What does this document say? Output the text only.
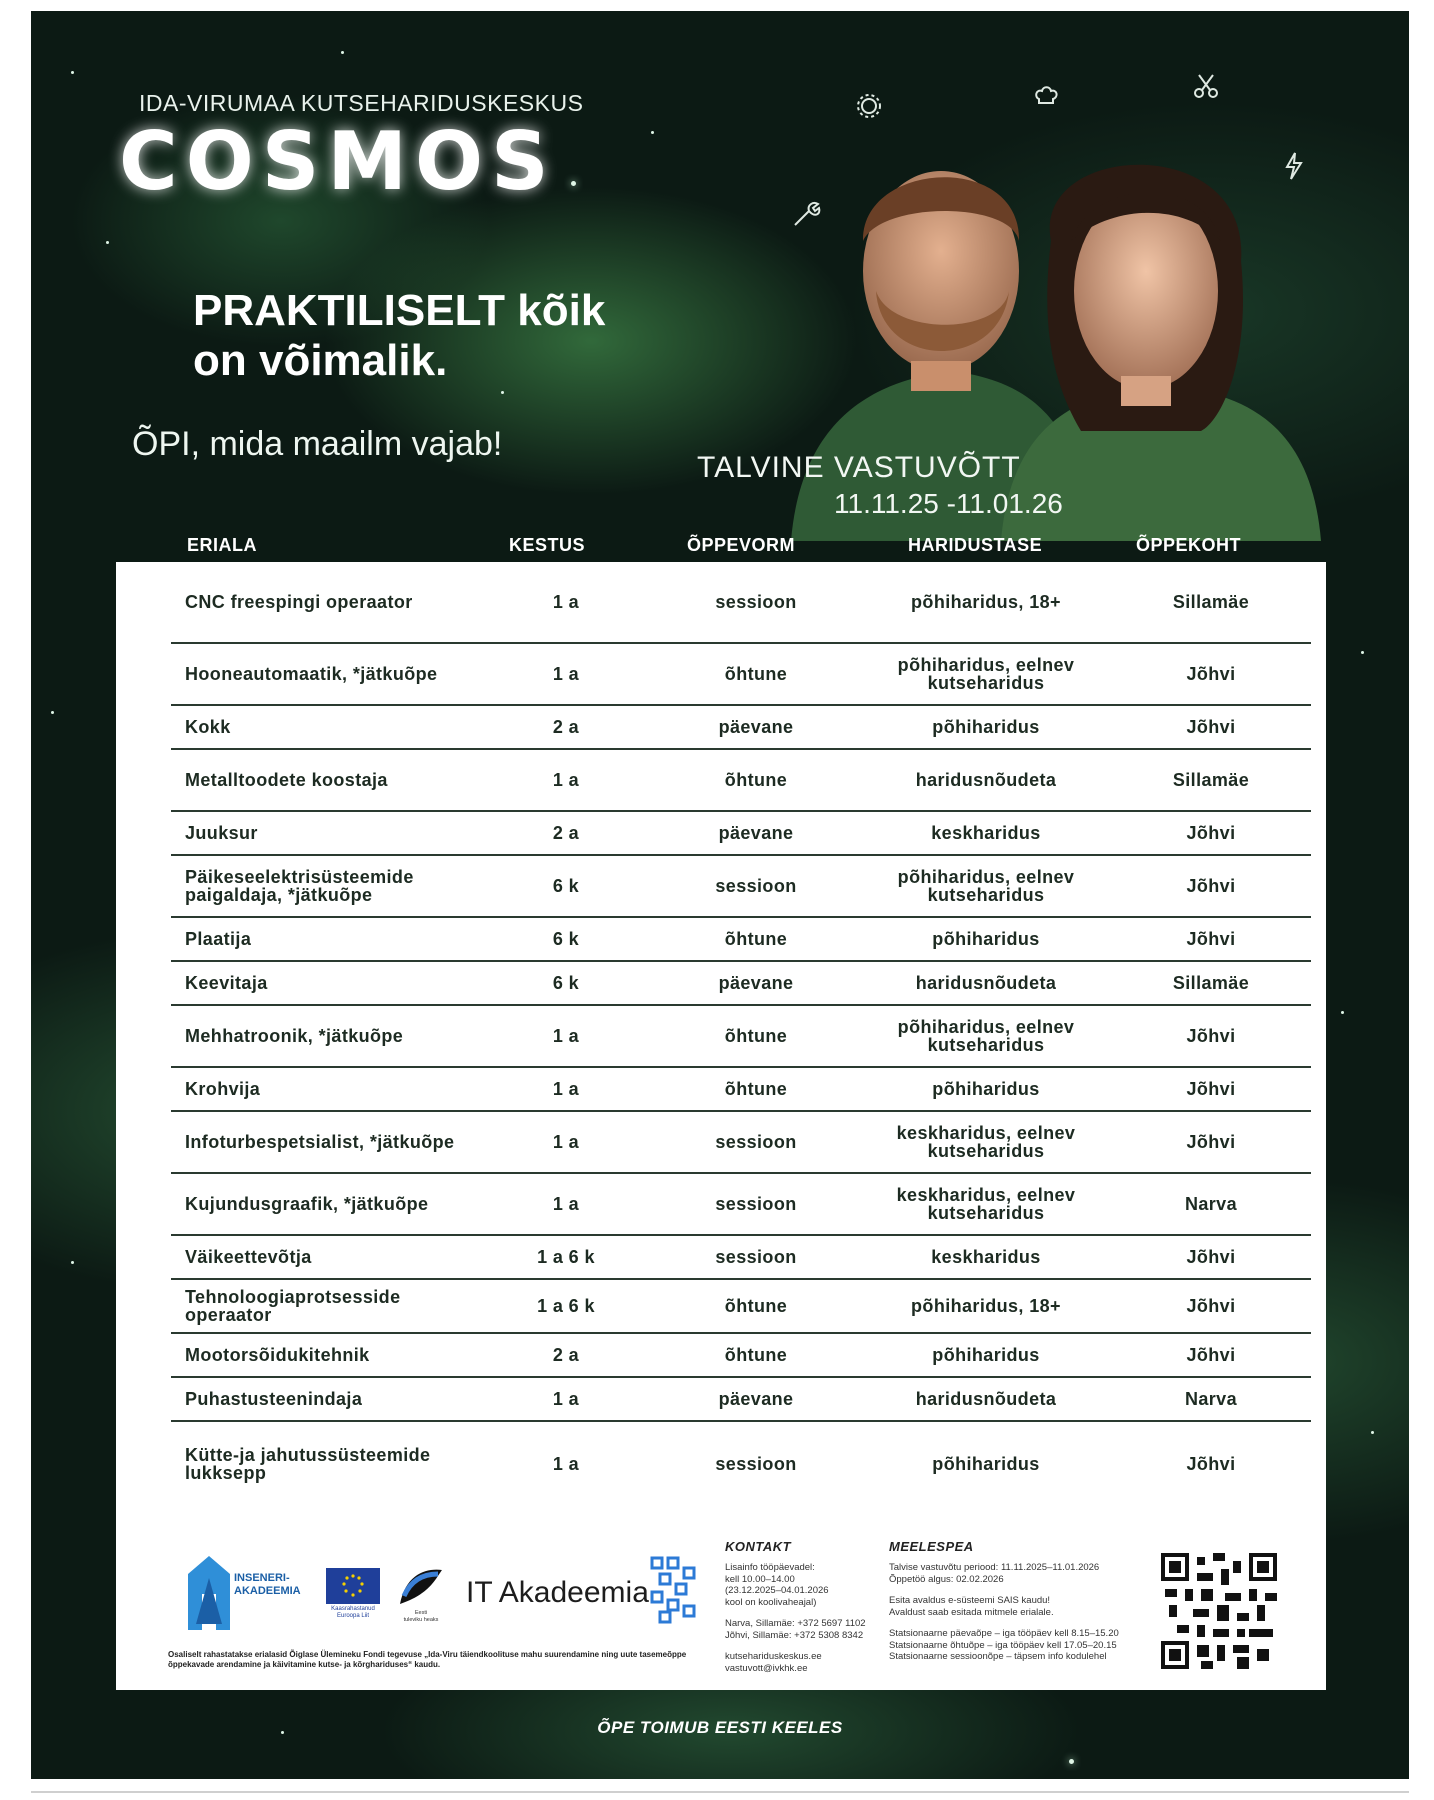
IDA-VIRUMAA KUTSEHARIDUSKESKUS
COSMOS
PRAKTILISELT kõik
on võimalik.
ÕPI, mida maailm vajab!
TALVINE VASTUVÕTT
11.11.25 -11.01.26
ERIALA	KESTUS	ÕPPEVORM	HARIDUSTASE	ÕPPEKOHT
CNC freespingi operaator	1 a	sessioon	põhiharidus, 18+	Sillamäe
Hooneautomaatik, *jätkuõpe	1 a	õhtune	põhiharidus, eelnev kutseharidus	Jõhvi
Kokk	2 a	päevane	põhiharidus	Jõhvi
Metalltoodete koostaja	1 a	õhtune	haridusnõudeta	Sillamäe
Juuksur	2 a	päevane	keskharidus	Jõhvi
Päikeseelektrisüsteemide paigaldaja, *jätkuõpe	6 k	sessioon	põhiharidus, eelnev kutseharidus	Jõhvi
Plaatija	6 k	õhtune	põhiharidus	Jõhvi
Keevitaja	6 k	päevane	haridusnõudeta	Sillamäe
Mehhatroonik, *jätkuõpe	1 a	õhtune	põhiharidus, eelnev kutseharidus	Jõhvi
Krohvija	1 a	õhtune	põhiharidus	Jõhvi
Infoturbespetsialist, *jätkuõpe	1 a	sessioon	keskharidus, eelnev kutseharidus	Jõhvi
Kujundusgraafik, *jätkuõpe	1 a	sessioon	keskharidus, eelnev kutseharidus	Narva
Väikeettevõtja	1 a 6 k	sessioon	keskharidus	Jõhvi
Tehnoloogiaprotsesside operaator	1 a 6 k	õhtune	põhiharidus, 18+	Jõhvi
Mootorsõidukitehnik	2 a	õhtune	põhiharidus	Jõhvi
Puhastusteenindaja	1 a	päevane	haridusnõudeta	Narva
Kütte-ja jahutussüsteemide lukksepp	1 a	sessioon	põhiharidus	Jõhvi
INSENERI-
AKADEEMIA
Kaasrahastanud
Euroopa Liit	Eesti
tuleviku heaks
IT Akadeemia
Osaliselt rahastatakse erialasid Õiglase Ülemineku Fondi tegevuse „Ida-Viru täiendkoolituse mahu suurendamine ning uute tasemeõppe õppekavade arendamine ja käivitamine kutse- ja kõrghariduses“ kaudu.
KONTAKT
Lisainfo tööpäevadel:
kell 10.00–14.00
(23.12.2025–04.01.2026
kool on koolivaheajal)
Narva, Sillamäe: +372 5697 1102
Jõhvi, Sillamäe: +372 5308 8342
kutsehariduskeskus.ee
vastuvott@ivkhk.ee
MEELESPEA
Talvise vastuvõtu periood: 11.11.2025–11.01.2026
Õppetöö algus: 02.02.2026
Esita avaldus e-süsteemi SAIS kaudu!
Avaldust saab esitada mitmele erialale.
Statsionaarne päevaõpe – iga tööpäev kell 8.15–15.20
Statsionaarne õhtuõpe – iga tööpäev kell 17.05–20.15
Statsionaarne sessioonõpe – täpsem info kodulehel
ÕPE TOIMUB EESTI KEELES
